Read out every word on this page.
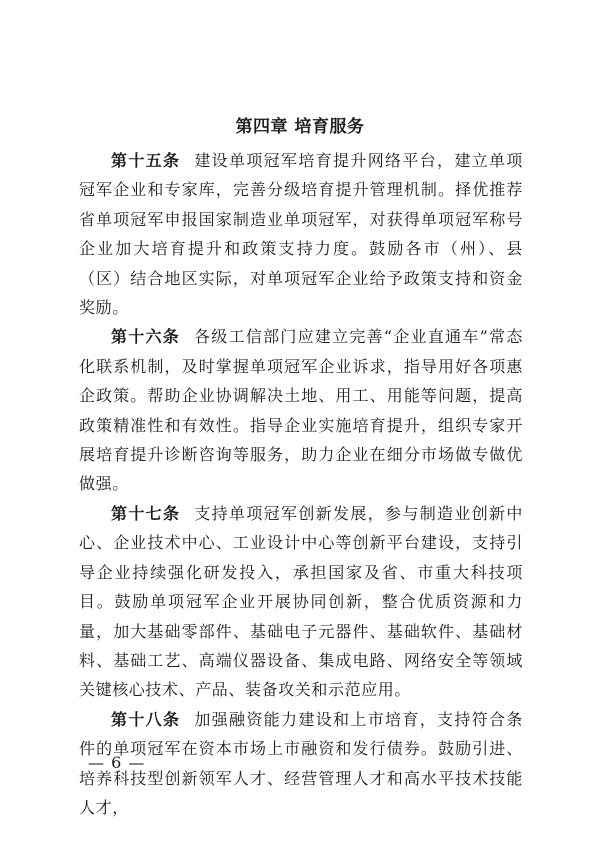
第四章 培育服务

第十五条 建设单项冠军培育提升网络平台，建立单项冠军企业和专家库，完善分级培育提升管理机制。择优推荐省单项冠军申报国家制造业单项冠军，对获得单项冠军称号企业加大培育提升和政策支持力度。鼓励各市（州）、县（区）结合地区实际，对单项冠军企业给予政策支持和资金奖励。

第十六条 各级工信部门应建立完善“企业直通车”常态化联系机制，及时掌握单项冠军企业诉求，指导用好各项惠企政策。帮助企业协调解决土地、用工、用能等问题，提高政策精准性和有效性。指导企业实施培育提升，组织专家开展培育提升诊断咨询等服务，助力企业在细分市场做专做优做强。

第十七条 支持单项冠军创新发展，参与制造业创新中心、企业技术中心、工业设计中心等创新平台建设，支持引导企业持续强化研发投入，承担国家及省、市重大科技项目。鼓励单项冠军企业开展协同创新，整合优质资源和力量，加大基础零部件、基础电子元器件、基础软件、基础材料、基础工艺、高端仪器设备、集成电路、网络安全等领域关键核心技术、产品、装备攻关和示范应用。

第十八条 加强融资能力建设和上市培育，支持符合条件的单项冠军在资本市场上市融资和发行债券。鼓励引进、培养科技型创新领军人才、经营管理人才和高水平技术技能人才，

— 6 —
